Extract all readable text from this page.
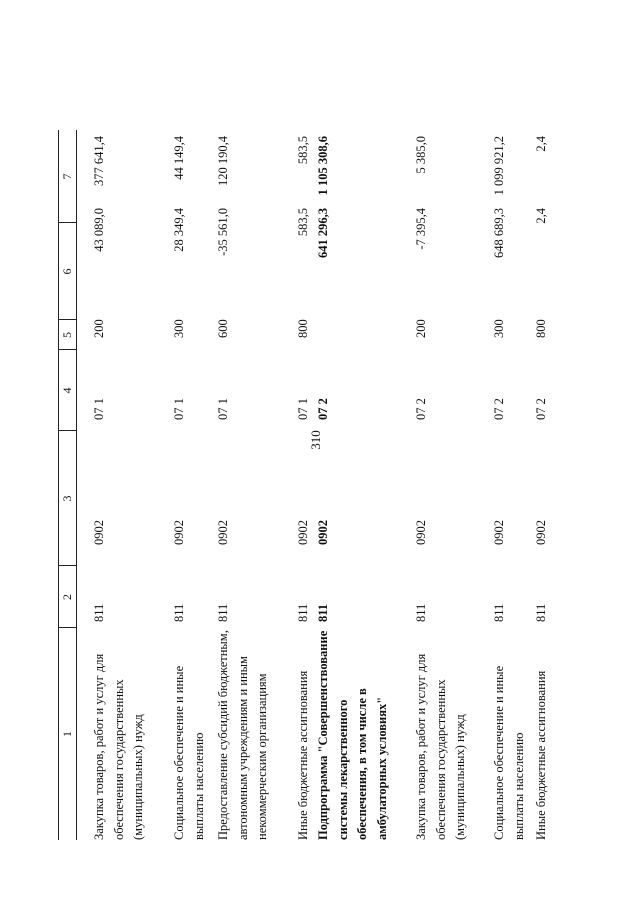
310
1
2
3
4
5
6
7
Закупка товаров, работ и услуг для обеспечения государственных (муниципальных) нужд
811
0902
07 1
200
43 089,0
377 641,4
Социальное обеспечение и иные выплаты населению
811
0902
07 1
300
28 349,4
44 149,4
Предоставление субсидий бюджетным, автономным учреждениям и иным некоммерческим организациям
811
0902
07 1
600
-35 561,0
120 190,4
Иные бюджетные ассигнования
811
0902
07 1
800
583,5
583,5
Подпрограмма "Совершенствование системы лекарственного обеспечения, в том числе в амбулаторных условиях"
811
0902
07 2
641 296,3
1 105 308,6
Закупка товаров, работ и услуг для обеспечения государственных (муниципальных) нужд
811
0902
07 2
200
-7 395,4
5 385,0
Социальное обеспечение и иные выплаты населению
811
0902
07 2
300
648 689,3
1 099 921,2
Иные бюджетные ассигнования
811
0902
07 2
800
2,4
2,4
